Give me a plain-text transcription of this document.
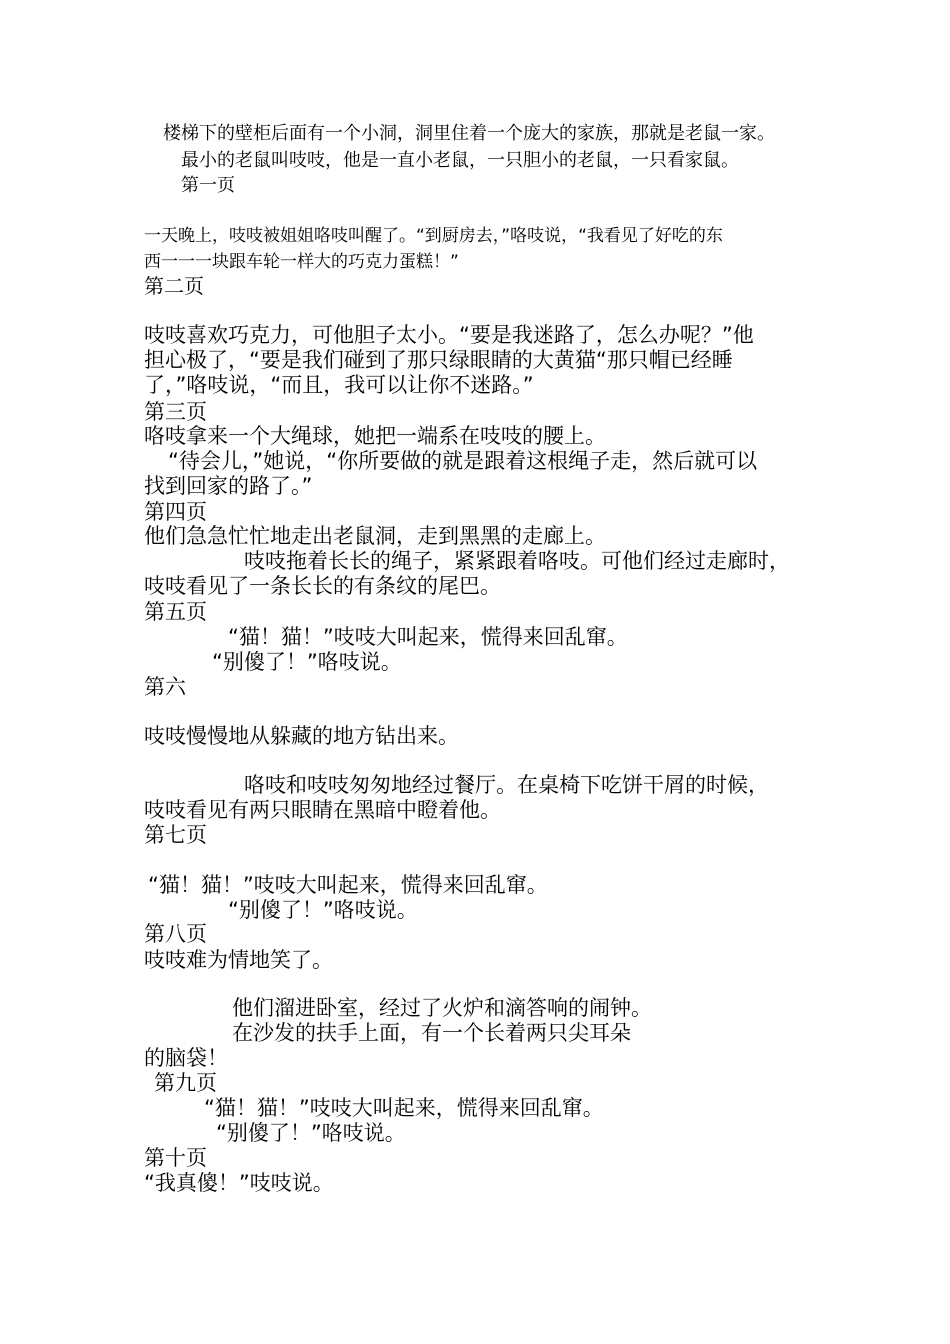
楼梯下的壁柜后面有一个小洞，洞里住着一个庞大的家族，那就是老鼠一家。

最小的老鼠叫吱吱，他是一直小老鼠，一只胆小的老鼠，一只看家鼠。

第一页

一天晚上，吱吱被姐姐咯吱叫醒了。“到厨房去，”咯吱说，“我看见了好吃的东

西一一一块跟车轮一样大的巧克力蛋糕！”

第二页

吱吱喜欢巧克力，可他胆子太小。“要是我迷路了，怎么办呢？”他

担心极了，“要是我们碰到了那只绿眼睛的大黄猫“那只帽已经睡

了，”咯吱说，“而且，我可以让你不迷路。”

第三页

咯吱拿来一个大绳球，她把一端系在吱吱的腰上。

“待会儿，”她说，“你所要做的就是跟着这根绳子走，然后就可以

找到回家的路了。”

第四页

他们急急忙忙地走出老鼠洞，走到黑黑的走廊上。

吱吱拖着长长的绳子，紧紧跟着咯吱。可他们经过走廊时，

吱吱看见了一条长长的有条纹的尾巴。

第五页

“猫！猫！”吱吱大叫起来，慌得来回乱窜。

“别傻了！”咯吱说。

第六

吱吱慢慢地从躲藏的地方钻出来。

咯吱和吱吱匆匆地经过餐厅。在桌椅下吃饼干屑的时候，

吱吱看见有两只眼睛在黑暗中瞪着他。

第七页

“猫！猫！”吱吱大叫起来，慌得来回乱窜。

“别傻了！”咯吱说。

第八页

吱吱难为情地笑了。

他们溜进卧室，经过了火炉和滴答响的闹钟。

在沙发的扶手上面，有一个长着两只尖耳朵

的脑袋！

第九页

“猫！猫！”吱吱大叫起来，慌得来回乱窜。

“别傻了！”咯吱说。

第十页

“我真傻！”吱吱说。
